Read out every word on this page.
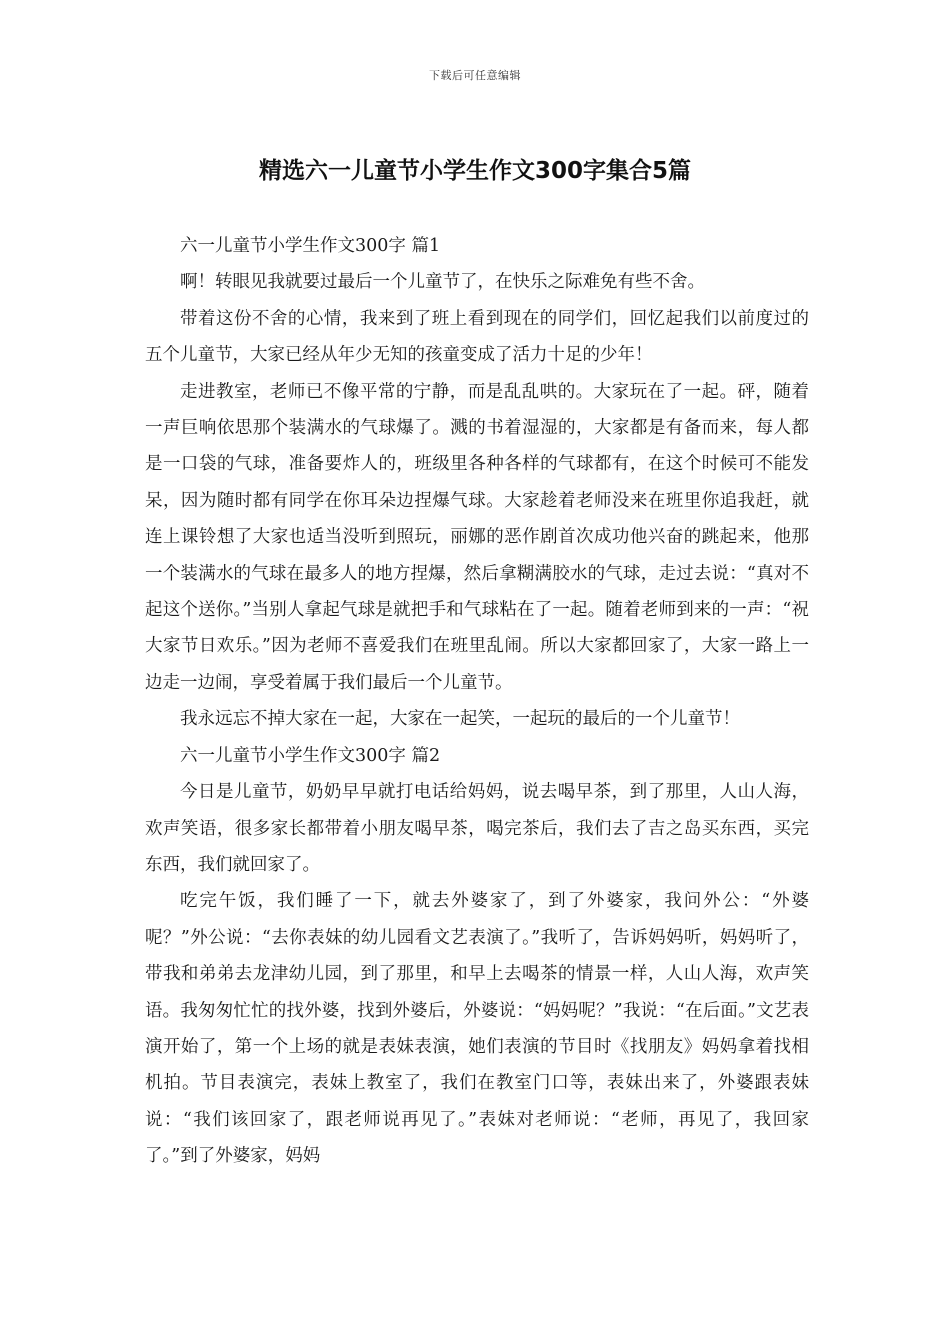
下载后可任意编辑
精选六一儿童节小学生作文300字集合5篇

六一儿童节小学生作文300字 篇1

啊！转眼见我就要过最后一个儿童节了，在快乐之际难免有些不舍。

带着这份不舍的心情，我来到了班上看到现在的同学们，回忆起我们以前度过的五个儿童节，大家已经从年少无知的孩童变成了活力十足的少年！

走进教室，老师已不像平常的宁静，而是乱乱哄的。大家玩在了一起。砰，随着一声巨响依思那个装满水的气球爆了。溅的书着湿湿的，大家都是有备而来，每人都是一口袋的气球，准备要炸人的，班级里各种各样的气球都有，在这个时候可不能发呆，因为随时都有同学在你耳朵边捏爆气球。大家趁着老师没来在班里你追我赶，就连上课铃想了大家也适当没听到照玩，丽娜的恶作剧首次成功他兴奋的跳起来，他那一个装满水的气球在最多人的地方捏爆，然后拿糊满胶水的气球，走过去说：“真对不起这个送你。”当别人拿起气球是就把手和气球粘在了一起。随着老师到来的一声：“祝大家节日欢乐。”因为老师不喜爱我们在班里乱闹。所以大家都回家了，大家一路上一边走一边闹，享受着属于我们最后一个儿童节。

我永远忘不掉大家在一起，大家在一起笑，一起玩的最后的一个儿童节！

六一儿童节小学生作文300字 篇2

今日是儿童节，奶奶早早就打电话给妈妈，说去喝早茶，到了那里，人山人海，欢声笑语，很多家长都带着小朋友喝早茶，喝完茶后，我们去了吉之岛买东西，买完东西，我们就回家了。

吃完午饭，我们睡了一下，就去外婆家了，到了外婆家，我问外公：“外婆呢？”外公说：“去你表妹的幼儿园看文艺表演了。”我听了，告诉妈妈听，妈妈听了，带我和弟弟去龙津幼儿园，到了那里，和早上去喝茶的情景一样，人山人海，欢声笑语。我匆匆忙忙的找外婆，找到外婆后，外婆说：“妈妈呢？”我说：“在后面。”文艺表演开始了，第一个上场的就是表妹表演，她们表演的节目时《找朋友》妈妈拿着找相机拍。节目表演完，表妹上教室了，我们在教室门口等，表妹出来了，外婆跟表妹说：“我们该回家了，跟老师说再见了。”表妹对老师说：“老师，再见了，我回家了。”到了外婆家，妈妈
